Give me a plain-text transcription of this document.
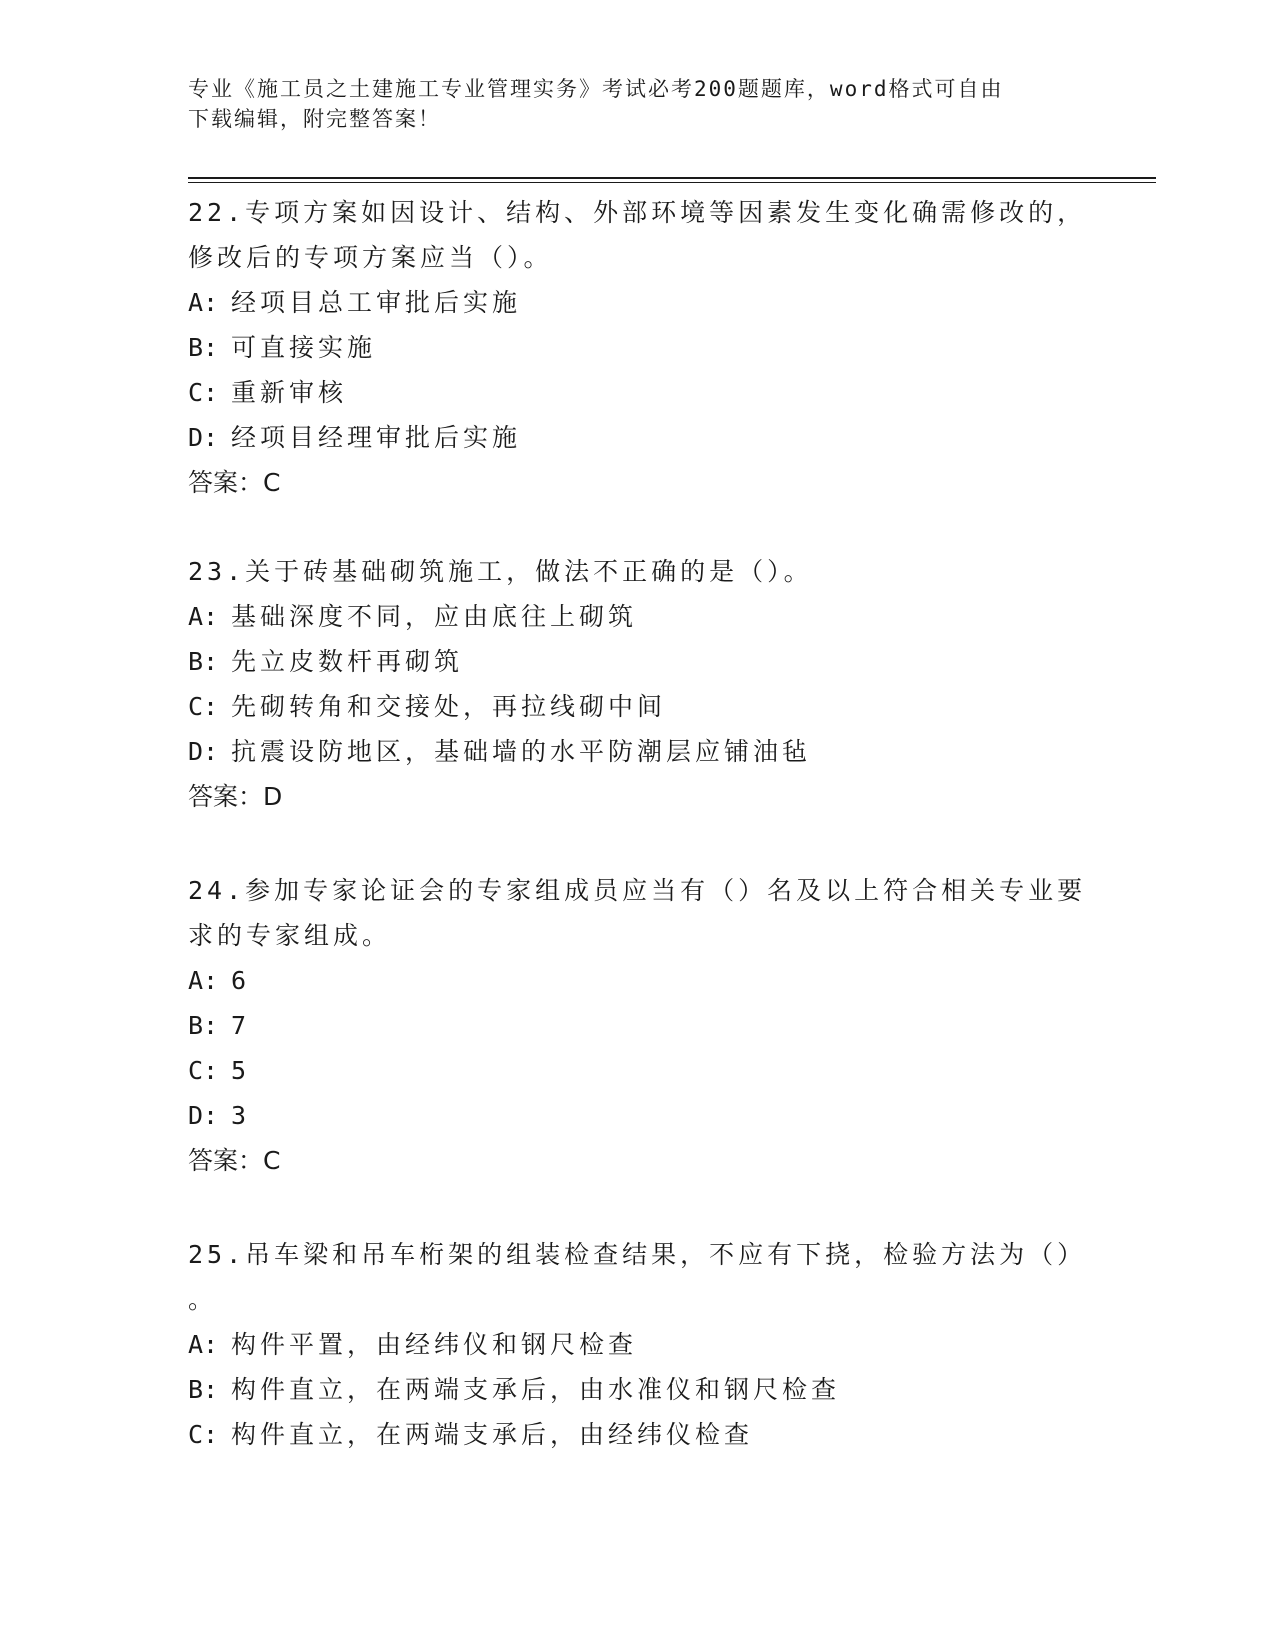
专业《施工员之土建施工专业管理实务》考试必考200题题库，word格式可自由
下载编辑，附完整答案！
22.专项方案如因设计、结构、外部环境等因素发生变化确需修改的，
修改后的专项方案应当（）。
A: 经项目总工审批后实施
B: 可直接实施
C: 重新审核
D: 经项目经理审批后实施
答案：C
23.关于砖基础砌筑施工，做法不正确的是（）。
A: 基础深度不同，应由底往上砌筑
B: 先立皮数杆再砌筑
C: 先砌转角和交接处，再拉线砌中间
D: 抗震设防地区，基础墙的水平防潮层应铺油毡
答案：D
24.参加专家论证会的专家组成员应当有（）名及以上符合相关专业要
求的专家组成。
A: 6
B: 7
C: 5
D: 3
答案：C
25.吊车梁和吊车桁架的组装检查结果，不应有下挠，检验方法为（）
。
A: 构件平置，由经纬仪和钢尺检查
B: 构件直立，在两端支承后，由水准仪和钢尺检查
C: 构件直立，在两端支承后，由经纬仪检查
